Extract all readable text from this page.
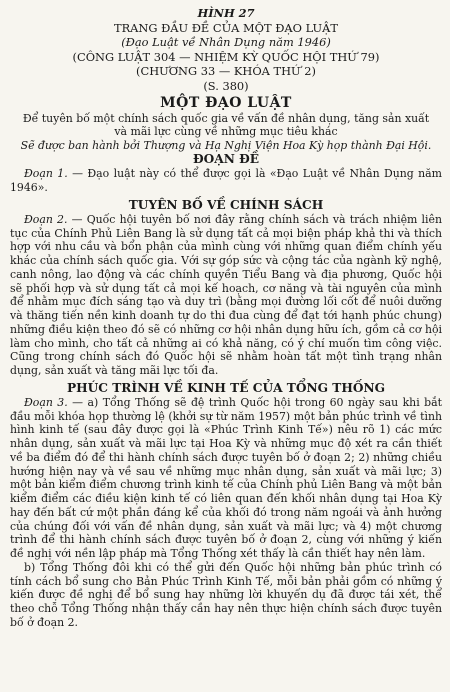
HÌNH 27

TRANG ĐẦU ĐỀ CỦA MỘT ĐẠO LUẬT

(Đạo Luật về Nhân Dụng năm 1946)

(CÔNG LUẬT 304 — NHIỆM KỲ QUỐC HỘI THỨ 79)

(CHƯƠNG 33 — KHÓA THỨ 2)

(S. 380)

MỘT ĐẠO LUẬT

Để tuyên bố một chính sách quốc gia về vấn đề nhân dụng, tăng sản xuất

và mãi lực cùng về những mục tiêu khác

Sẽ được ban hành bởi Thượng và Hạ Nghị Viện Hoa Kỳ họp thành Đại Hội.

ĐOẠN ĐỀ

Đoạn 1. — Đạo luật này có thể được gọi là «Đạo Luật về Nhân Dụng năm 1946».

TUYÊN BỐ VỀ CHÍNH SÁCH

Đoạn 2. — Quốc hội tuyên bố nơi đây rằng chính sách và trách nhiệm liên tục của Chính Phủ Liên Bang là sử dụng tất cả mọi biện pháp khả thi và thích hợp với nhu cầu và bổn phận của mình cùng với những quan điểm chính yếu khác của chính sách quốc gia. Với sự góp sức và cộng tác của ngành kỹ nghệ, canh nông, lao động và các chính quyền Tiểu Bang và địa phương, Quốc hội sẽ phối hợp và sử dụng tất cả mọi kế hoạch, cơ năng và tài nguyên của mình để nhằm mục đích sáng tạo và duy trì (bằng mọi đường lối cốt để nuôi dưỡng và thăng tiến nền kinh doanh tự do thi đua cùng để đạt tới hạnh phúc chung) những điều kiện theo đó sẽ có những cơ hội nhân dụng hữu ích, gồm cả cơ hội làm cho mình, cho tất cả những ai có khả năng, có ý chí muốn tìm công việc. Cũng trong chính sách đó Quốc hội sẽ nhằm hoàn tất một tình trạng nhân dụng, sản xuất và tăng mãi lực tối đa.

PHÚC TRÌNH VỀ KINH TẾ CỦA TỔNG THỐNG

Đoạn 3. — a) Tổng Thống sẽ đệ trình Quốc hội trong 60 ngày sau khi bắt đầu mỗi khóa họp thường lệ (khởi sự từ năm 1957) một bản phúc trình về tình hình kinh tế (sau đây được gọi là «Phúc Trình Kinh Tế») nêu rõ 1) các mức nhân dụng, sản xuất và mãi lực tại Hoa Kỳ và những mục độ xét ra cần thiết về ba điểm đó để thi hành chính sách được tuyên bố ở đoạn 2; 2) những chiều hướng hiện nay và về sau về những mục nhân dụng, sản xuất và mãi lực; 3) một bản kiểm điểm chương trình kinh tế của Chính phủ Liên Bang và một bản kiểm điểm các điều kiện kinh tế có liên quan đến khối nhân dụng tại Hoa Kỳ hay đến bất cứ một phần đáng kể của khối đó trong năm ngoái và ảnh hưởng của chúng đối với vấn đề nhân dụng, sản xuất và mãi lực; và 4) một chương trình để thi hành chính sách được tuyên bố ở đoạn 2, cùng với những ý kiến đề nghị với nền lập pháp mà Tổng Thống xét thấy là cần thiết hay nên làm.

b) Tổng Thống đôi khi có thể gửi đến Quốc hội những bản phúc trình có tính cách bổ sung cho Bản Phúc Trình Kinh Tế, mỗi bản phải gồm có những ý kiến được đề nghị để bổ sung hay những lời khuyến dụ đã được tái xét, thể theo chỗ Tổng Thống nhận thấy cần hay nên thực hiện chính sách được tuyên bố ở đoạn 2.
